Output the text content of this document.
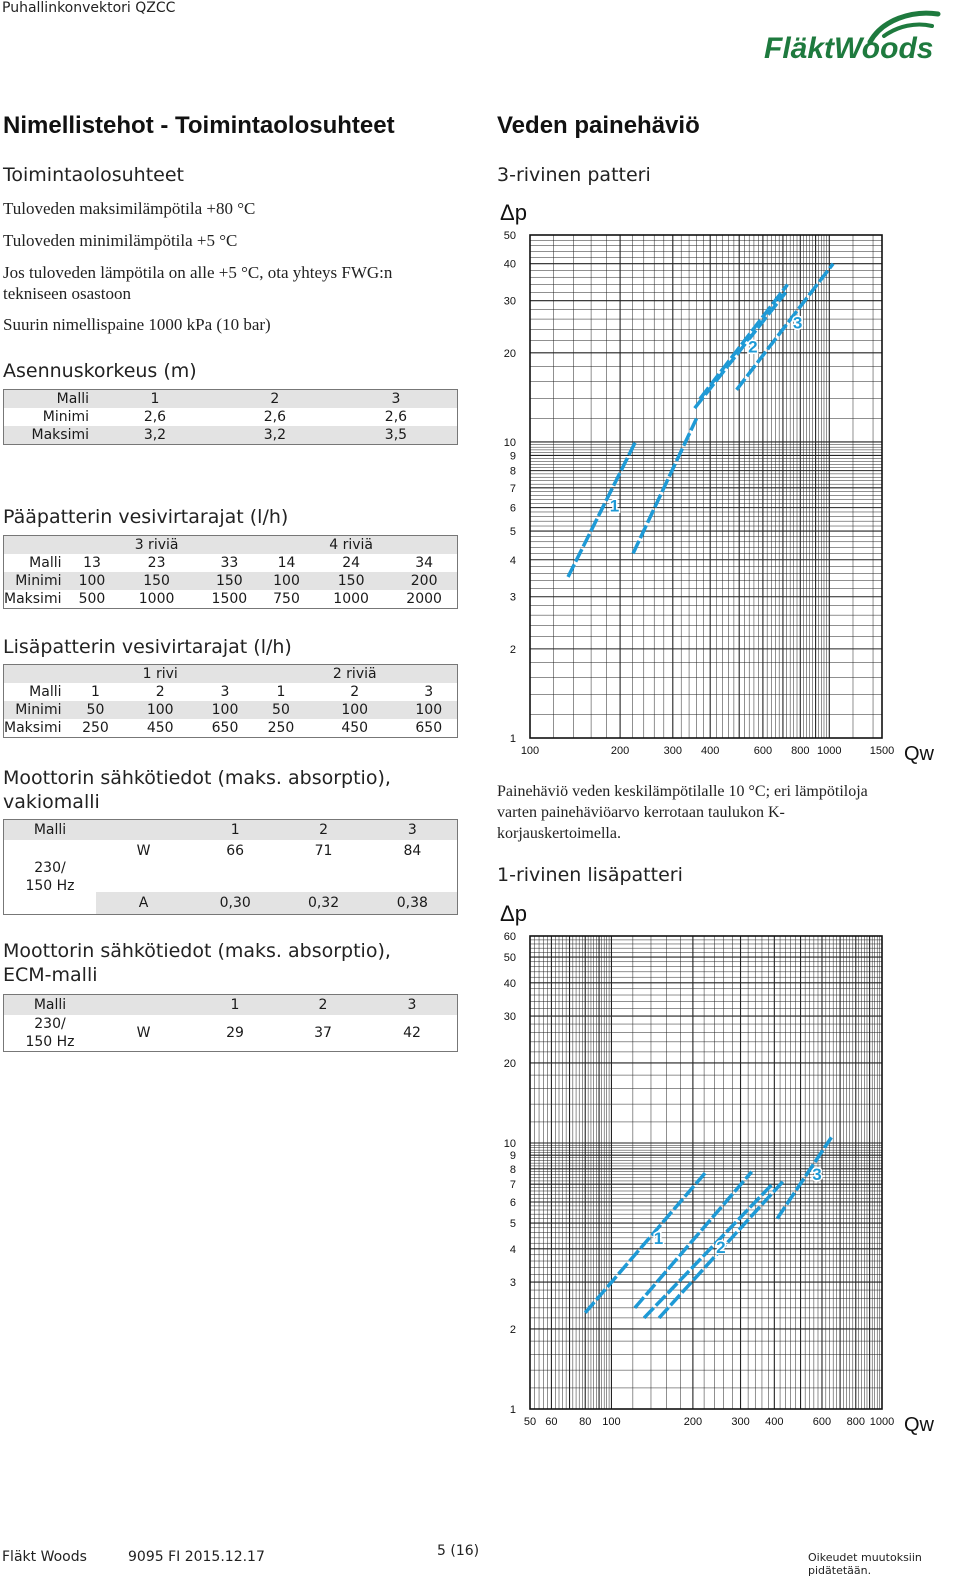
Puhallinkonvektori QZCC
FläktWoods
Nimellistehot - Toimintaolosuhteet
Toimintaolosuhteet
Tuloveden maksimilämpötila +80 °C
Tuloveden minimilämpötila +5 °C
Jos tuloveden lämpötila on alle +5 °C, ota yhteys FWG:n
tekniseen osastoon
Suurin nimellispaine 1000 kPa (10 bar)
Asennuskorkeus (m)
Malli	1	2	3
Minimi	2,6	2,6	2,6
Maksimi	3,2	3,2	3,5
Pääpatterin vesivirtarajat (l/h)
		3 riviä			4 riviä	
Malli	13	23	33	14	24	34
Minimi	100	150	150	100	150	200
Maksimi	500	1000	1500	750	1000	2000
Lisäpatterin vesivirtarajat (l/h)
		1 rivi			2 riviä	
Malli	1	2	3	1	2	3
Minimi	50	100	100	50	100	100
Maksimi	250	450	650	250	450	650
Moottorin sähkötiedot (maks. absorptio),
vakiomalli
Malli		1	2	3

230/
150 Hz	W	66	71	84

	A	0,30	0,32	0,38
Moottorin sähkötiedot (maks. absorptio),
ECM-malli
Malli		1	2	3

230/
150 Hz	W	29	37	42
Veden painehäviö
3-rivinen patteri
1-rivinen lisäpatteri
Painehäviö veden keskilämpötilalle 10 °C; eri lämpötiloja
varten painehäviöarvo kerrotaan taulukon K-
korjauskertoimella.
1
2
3
4
5
6
7
8
9
10
20
30
40
50
100	200	300 400	600 800 1000	1500
Δp
Qw
1
2
3
1
2
3
4
5
6
7
8
9
10
20
30
40
50
60
50 60 80 100	200	300 400	600 800 1000
Δp
Qw
1	2
3
Fläkt Woods	9095 FI 2015.12.17	5 (16)	Oikeudet muutoksiin pidätetään.
